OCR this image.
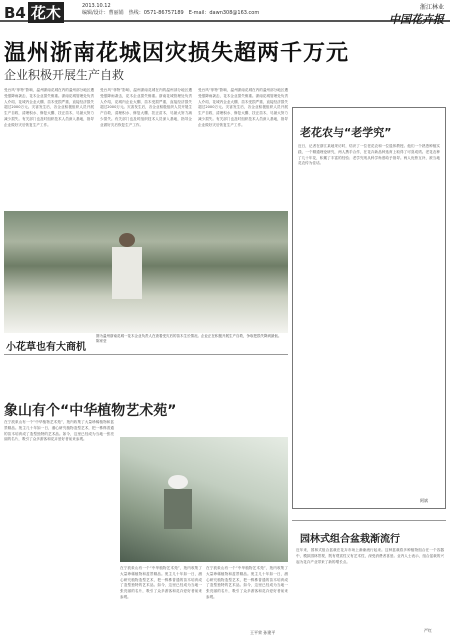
B4 花木	2013.10.12
编辑/设计：曹丽娟　 热线：0571-86757189　 E-mail：dawn308@163.com
浙江林业
中国花卉报
温州浙南花城因灾损失超两千万元
企业积极开展生产自救
受台风“菲特”影响，温州浙南花城在内的温州部分地区遭受强降雨袭击，花木企业损失惨重。浙南花城管理处负责人介绍，花城内企业大棚、苗木受损严重，直接经济损失超过2000万元。灾害发生后，各企业积极组织人员开展生产自救，清理积水、修复大棚、扶正苗木，尽最大努力减少损失。有关部门也及时组织技术人员深入基地，指导企业做好灾后恢复生产工作。
受台风“菲特”影响，温州浙南花城在内的温州部分地区遭受强降雨袭击，花木企业损失惨重。浙南花城管理处负责人介绍，花城内企业大棚、苗木受损严重，直接经济损失超过2000万元。灾害发生后，各企业积极组织人员开展生产自救，清理积水、修复大棚、扶正苗木，尽最大努力减少损失。有关部门也及时组织技术人员深入基地，指导企业做好灾后恢复生产工作。
受台风“菲特”影响，温州浙南花城在内的温州部分地区遭受强降雨袭击，花木企业损失惨重。浙南花城管理处负责人介绍，花城内企业大棚、苗木受损严重，直接经济损失超过2000万元。灾害发生后，各企业积极组织人员开展生产自救，清理积水、修复大棚、扶正苗木，尽最大努力减少损失。有关部门也及时组织技术人员深入基地，指导企业做好灾后恢复生产工作。
小花草也有大商机
图为温州浙南花城一花木企业负责人在查看受灾后的苗木生长情况。企业正在积极开展生产自救，争取把损失降到最低。 陈家莹
老花农与“老学究”
近日，记者在浙江某地采访时，结识了一位老花农和一位退休教授。他们一个熟悉种植实践，一个精通理论研究，两人携手合作，在花卉新品种选育上取得了可喜成绩。老花农种了几十年花，积累了丰富的经验；老学究则从科学角度给予指导。两人优势互补，被当地花农传为佳话。
阿斌
象山有个“中华植物艺术苑”
在宁波象山有一个“中华植物艺术苑”，苑内收集了大量珍稀植物和盆景精品。苑主几十年如一日，潜心研究植物造型艺术，把一株株普通的苗木培育成了造型独特的艺术品。如今，这里已经成为当地一张亮丽的名片，吸引了众多游客和花卉爱好者前来参观。
在宁波象山有一个“中华植物艺术苑”，苑内收集了大量珍稀植物和盆景精品。苑主几十年如一日，潜心研究植物造型艺术，把一株株普通的苗木培育成了造型独特的艺术品。如今，这里已经成为当地一张亮丽的名片，吸引了众多游客和花卉爱好者前来参观。
在宁波象山有一个“中华植物艺术苑”，苑内收集了大量珍稀植物和盆景精品。苑主几十年如一日，潜心研究植物造型艺术，把一株株普通的苗木培育成了造型独特的艺术品。如今，这里已经成为当地一张亮丽的名片，吸引了众多游客和花卉爱好者前来参观。
王平荣 孙建平
园林式组合盆栽渐流行
近年来，园林式组合盆栽在花卉市场上渐渐流行起来。这种盆栽将多种植物组合在一个容器中，模拟园林景观，既有观赏性又有艺术性，深受消费者喜爱。业内人士表示，组合盆栽的兴起为花卉产业带来了新的增长点。
严红
